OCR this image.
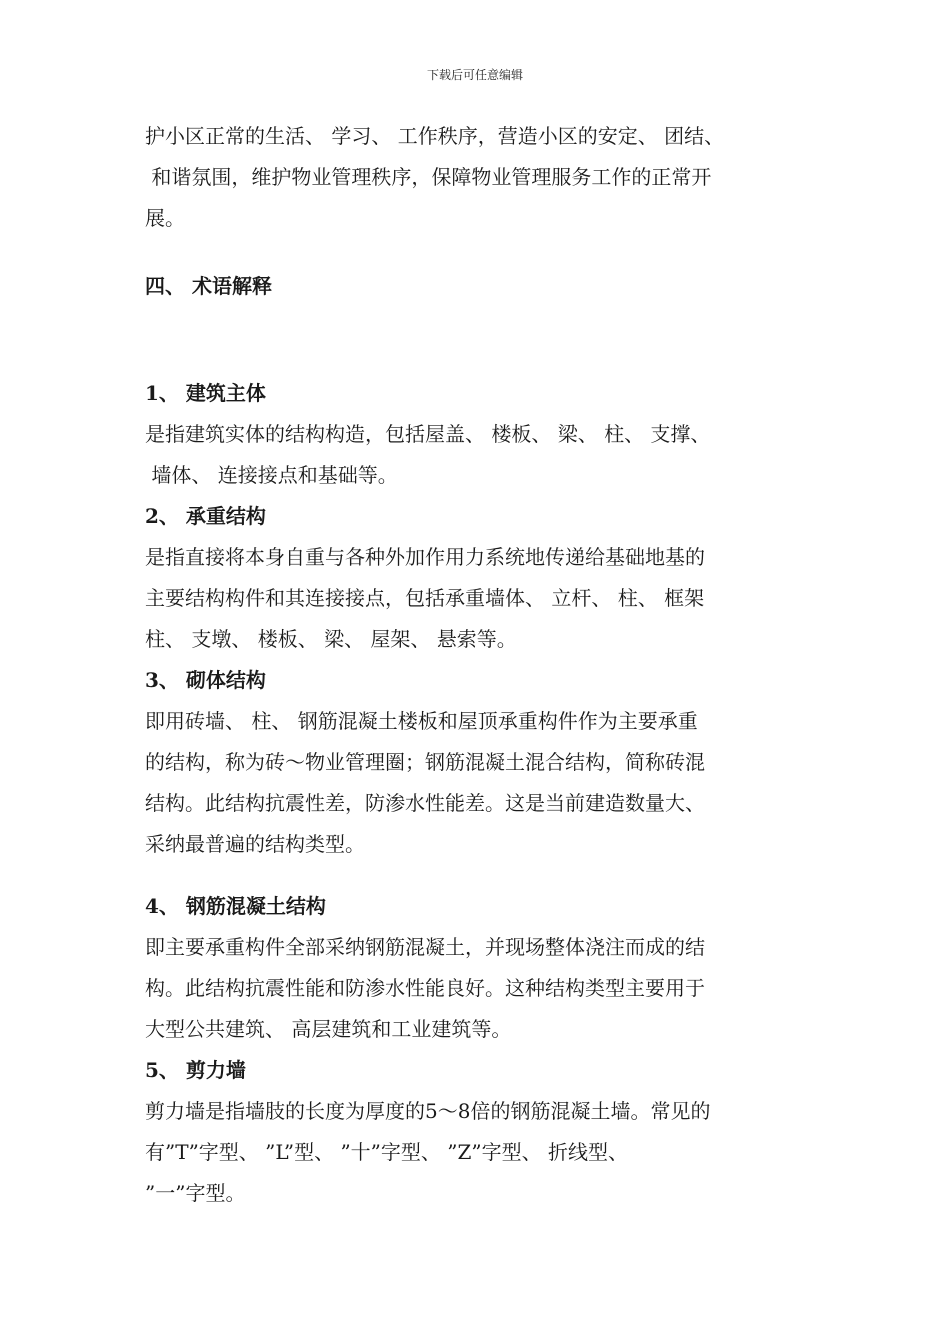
下载后可任意编辑

护小区正常的生活、 学习、 工作秩序，营造小区的安定、 团结、

和谐氛围，维护物业管理秩序，保障物业管理服务工作的正常开

展。

四、 术语解释

1、 建筑主体

是指建筑实体的结构构造，包括屋盖、 楼板、 梁、 柱、 支撑、

墙体、 连接接点和基础等。

2、 承重结构

是指直接将本身自重与各种外加作用力系统地传递给基础地基的

主要结构构件和其连接接点，包括承重墙体、 立杆、 柱、 框架

柱、 支墩、 楼板、 梁、 屋架、 悬索等。

3、 砌体结构

即用砖墙、 柱、 钢筋混凝土楼板和屋顶承重构件作为主要承重

的结构，称为砖～物业管理圈；钢筋混凝土混合结构，简称砖混

结构。此结构抗震性差，防渗水性能差。这是当前建造数量大、

采纳最普遍的结构类型。

4、 钢筋混凝土结构

即主要承重构件全部采纳钢筋混凝土，并现场整体浇注而成的结

构。此结构抗震性能和防渗水性能良好。这种结构类型主要用于

大型公共建筑、 高层建筑和工业建筑等。

5、 剪力墙

剪力墙是指墙肢的长度为厚度的5～8倍的钢筋混凝土墙。常见的

有”T”字型、 ”L”型、 ”十”字型、 ”Z”字型、 折线型、

”一”字型。
